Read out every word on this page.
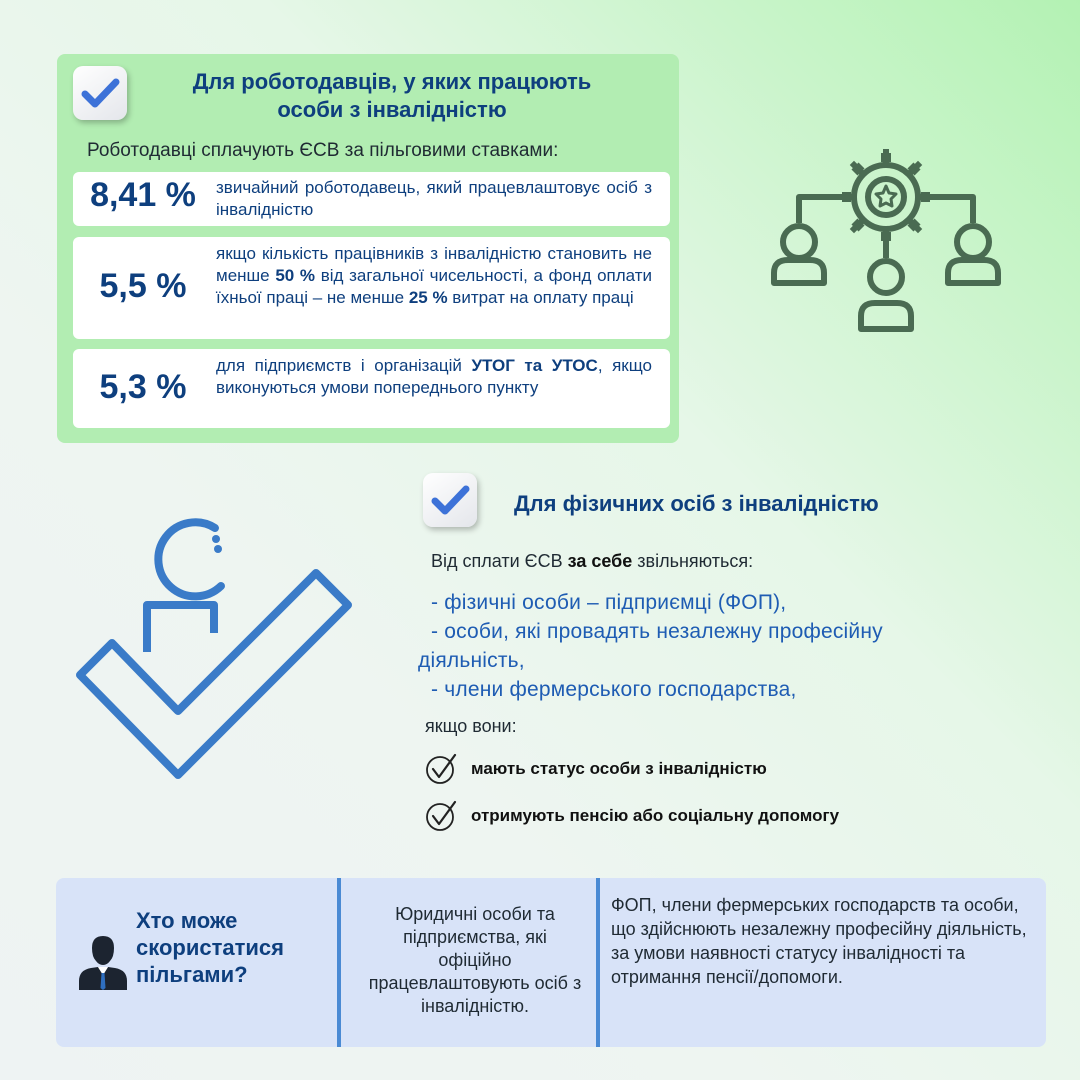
Для роботодавців, у яких працюють особи з інвалідністю

Роботодавці сплачують ЄСВ за пільговими ставками:

8,41 %	звичайний роботодавець, який працевлаштовує осіб з інвалідністю
5,5 %
якщо кількість працівників з інвалідністю становить не менше 50 % від загальної чисельності, а фонд оплати їхньої праці – не менше 25 % витрат на оплату праці
5,3 %
для підприємств і організацій УТОГ та УТОС, якщо виконуються умови попереднього пункту
Для фізичних осіб з інвалідністю

Від сплати ЄСВ за себе звільняються:

- фізичні особи – підприємці (ФОП),
- особи, які провадять незалежну професійну
діяльність,
- члени фермерського господарства,

якщо вони:

мають статус особи з інвалідністю
отримують пенсію або соціальну допомогу
Хто може скористатися пільгами?

Юридичні особи та підприємства, які офіційно працевлаштовують осіб з інвалідністю.

ФОП, члени фермерських господарств та особи, що здійснюють незалежну професійну діяльність, за умови наявності статусу інвалідності та отримання пенсії/допомоги.
